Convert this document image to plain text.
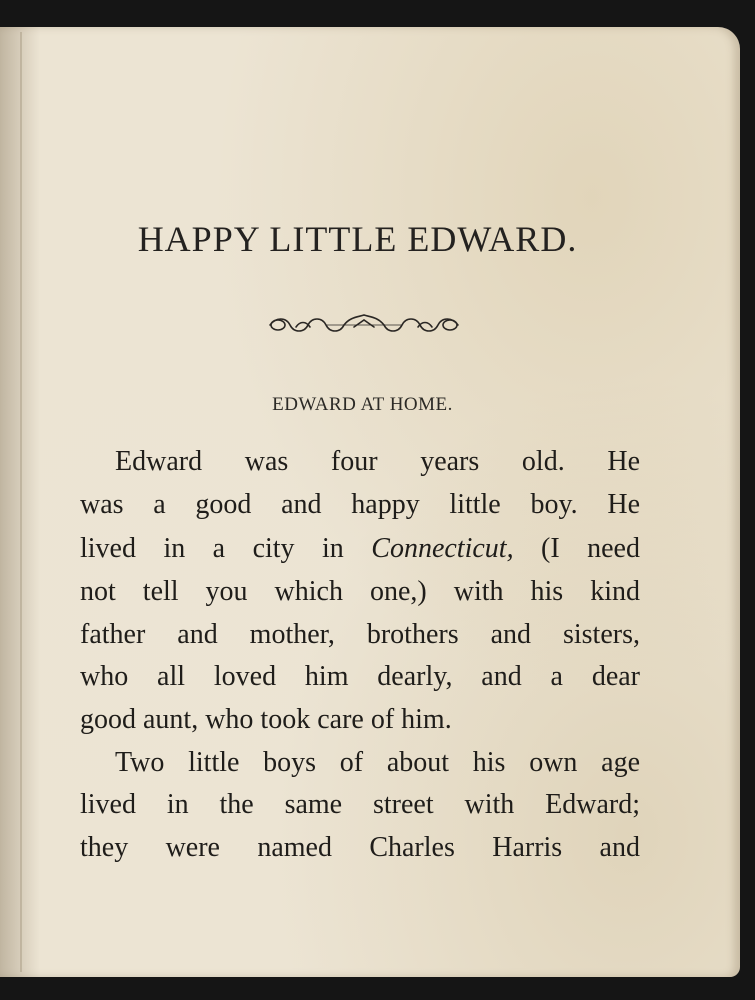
HAPPY LITTLE EDWARD.
EDWARD AT HOME.
Edward was four years old. He
was a good and happy little boy. He
lived in a city in Connecticut, (I need
not tell you which one,) with his kind
father and mother, brothers and sisters,
who all loved him dearly, and a dear
good aunt, who took care of him.
Two little boys of about his own age
lived in the same street with Edward;
they were named Charles Harris and
